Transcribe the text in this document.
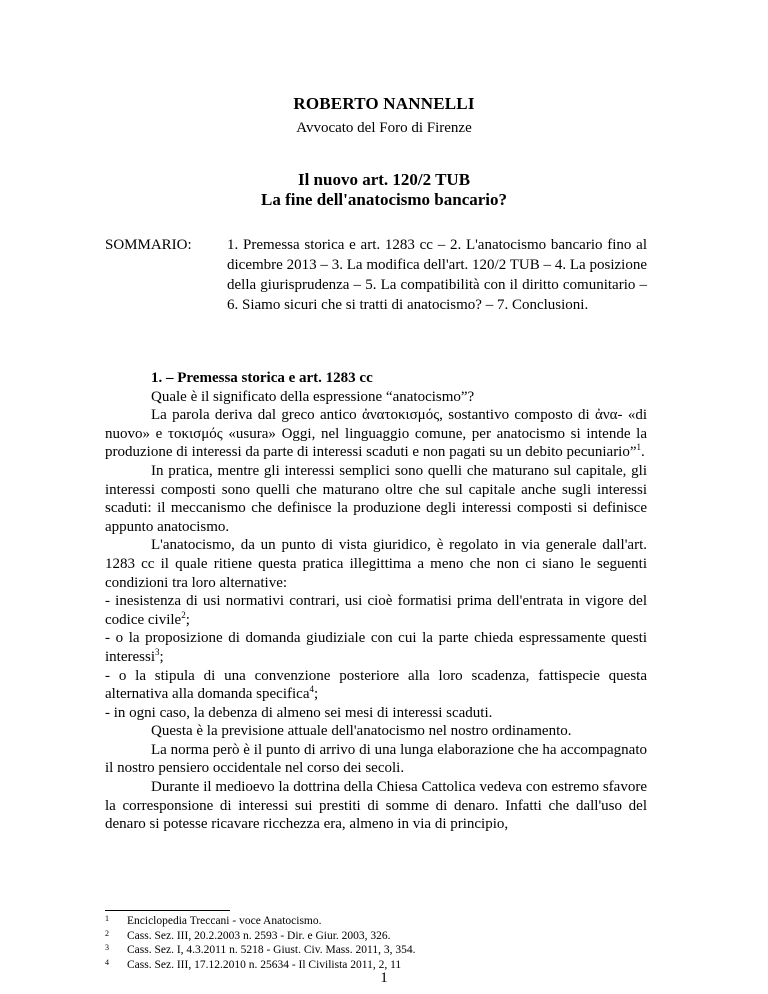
ROBERTO NANNELLI
Avvocato del Foro di Firenze
Il nuovo art. 120/2 TUB
La fine dell'anatocismo bancario?
SOMMARIO:	1. Premessa storica e art. 1283 cc – 2. L'anatocismo bancario fino al dicembre 2013 – 3. La modifica dell'art. 120/2 TUB – 4. La posizione della giurisprudenza – 5. La compatibilità con il diritto comunitario – 6. Siamo sicuri che si tratti di anatocismo? – 7. Conclusioni.

1. – Premessa storica e art. 1283 cc

Quale è il significato della espressione “anatocismo”?

La parola deriva dal greco antico ἀνατοκισμός, sostantivo composto di ἀνα- «di nuovo» e τοκισμός «usura» Oggi, nel linguaggio comune, per anatocismo si intende la produzione di interessi da parte di interessi scaduti e non pagati su un debito pecuniario”$^1$.

In pratica, mentre gli interessi semplici sono quelli che maturano sul capitale, gli interessi composti sono quelli che maturano oltre che sul capitale anche sugli interessi scaduti: il meccanismo che definisce la produzione degli interessi composti si definisce appunto anatocismo.

L'anatocismo, da un punto di vista giuridico, è regolato in via generale dall'art. 1283 cc il quale ritiene questa pratica illegittima a meno che non ci siano le seguenti condizioni tra loro alternative:

- inesistenza di usi normativi contrari, usi cioè formatisi prima dell'entrata in vigore del codice civile$^2$;

- o la proposizione di domanda giudiziale con cui la parte chieda espressamente questi interessi$^3$;

- o la stipula di una convenzione posteriore alla loro scadenza, fattispecie questa alternativa alla domanda specifica$^4$;

- in ogni caso, la debenza di almeno sei mesi di interessi scaduti.

Questa è la previsione attuale dell'anatocismo nel nostro ordinamento.

La norma però è il punto di arrivo di una lunga elaborazione che ha accompagnato il nostro pensiero occidentale nel corso dei secoli.

Durante il medioevo la dottrina della Chiesa Cattolica vedeva con estremo sfavore la corresponsione di interessi sui prestiti di somme di denaro. Infatti che dall'uso del denaro si potesse ricavare ricchezza era, almeno in via di principio,

1	Enciclopedia Treccani - voce Anatocismo.
2	Cass. Sez. III, 20.2.2003 n. 2593 - Dir. e Giur. 2003, 326.
3	Cass. Sez. I, 4.3.2011 n. 5218 - Giust. Civ. Mass. 2011, 3, 354.
4	Cass. Sez. III, 17.12.2010 n. 25634 - Il Civilista 2011, 2, 11
1
